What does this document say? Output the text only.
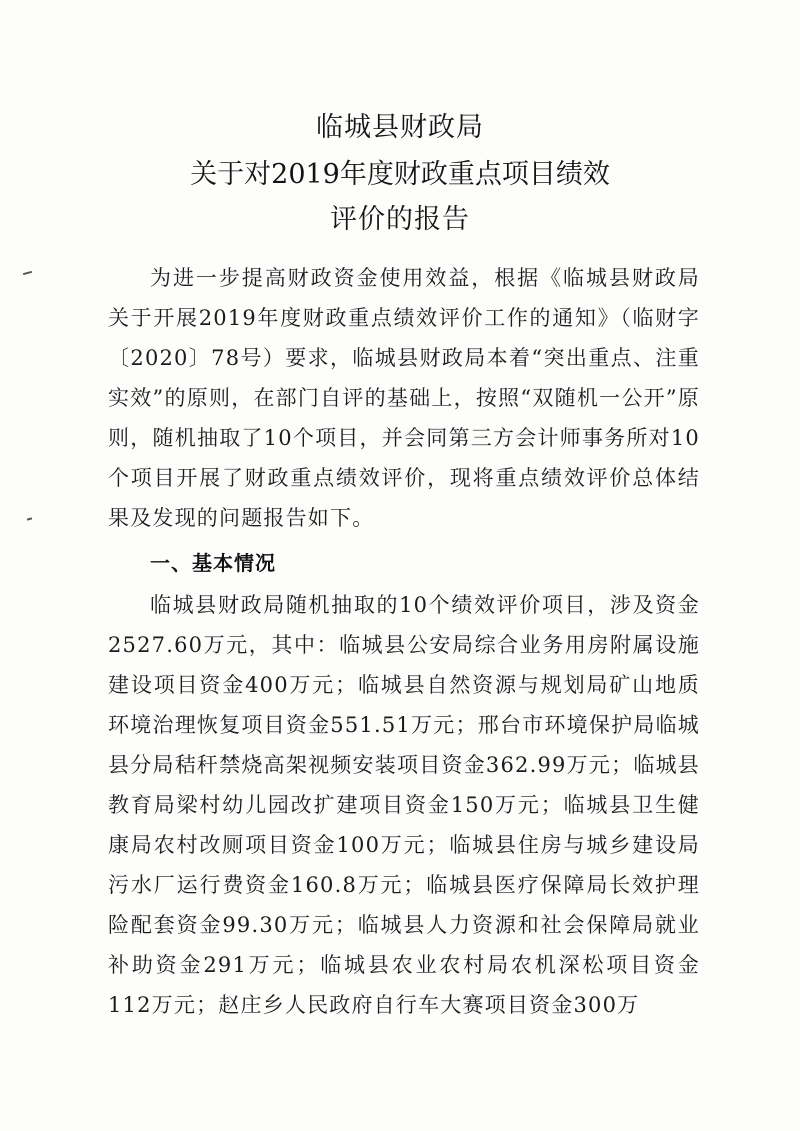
临城县财政局
关于对2019年度财政重点项目绩效
评价的报告

为进一步提高财政资金使用效益，根据《临城县财政局关于开展2019年度财政重点绩效评价工作的通知》（临财字〔2020〕78号）要求，临城县财政局本着“突出重点、注重实效”的原则，在部门自评的基础上，按照“双随机一公开”原则，随机抽取了10个项目，并会同第三方会计师事务所对10个项目开展了财政重点绩效评价，现将重点绩效评价总体结果及发现的问题报告如下。

一、基本情况

临城县财政局随机抽取的10个绩效评价项目，涉及资金2527.60万元，其中：临城县公安局综合业务用房附属设施建设项目资金400万元；临城县自然资源与规划局矿山地质环境治理恢复项目资金551.51万元；邢台市环境保护局临城县分局秸秆禁烧高架视频安装项目资金362.99万元；临城县教育局梁村幼儿园改扩建项目资金150万元；临城县卫生健康局农村改厕项目资金100万元；临城县住房与城乡建设局污水厂运行费资金160.8万元；临城县医疗保障局长效护理险配套资金99.30万元；临城县人力资源和社会保障局就业补助资金291万元；临城县农业农村局农机深松项目资金112万元；赵庄乡人民政府自行车大赛项目资金300万
